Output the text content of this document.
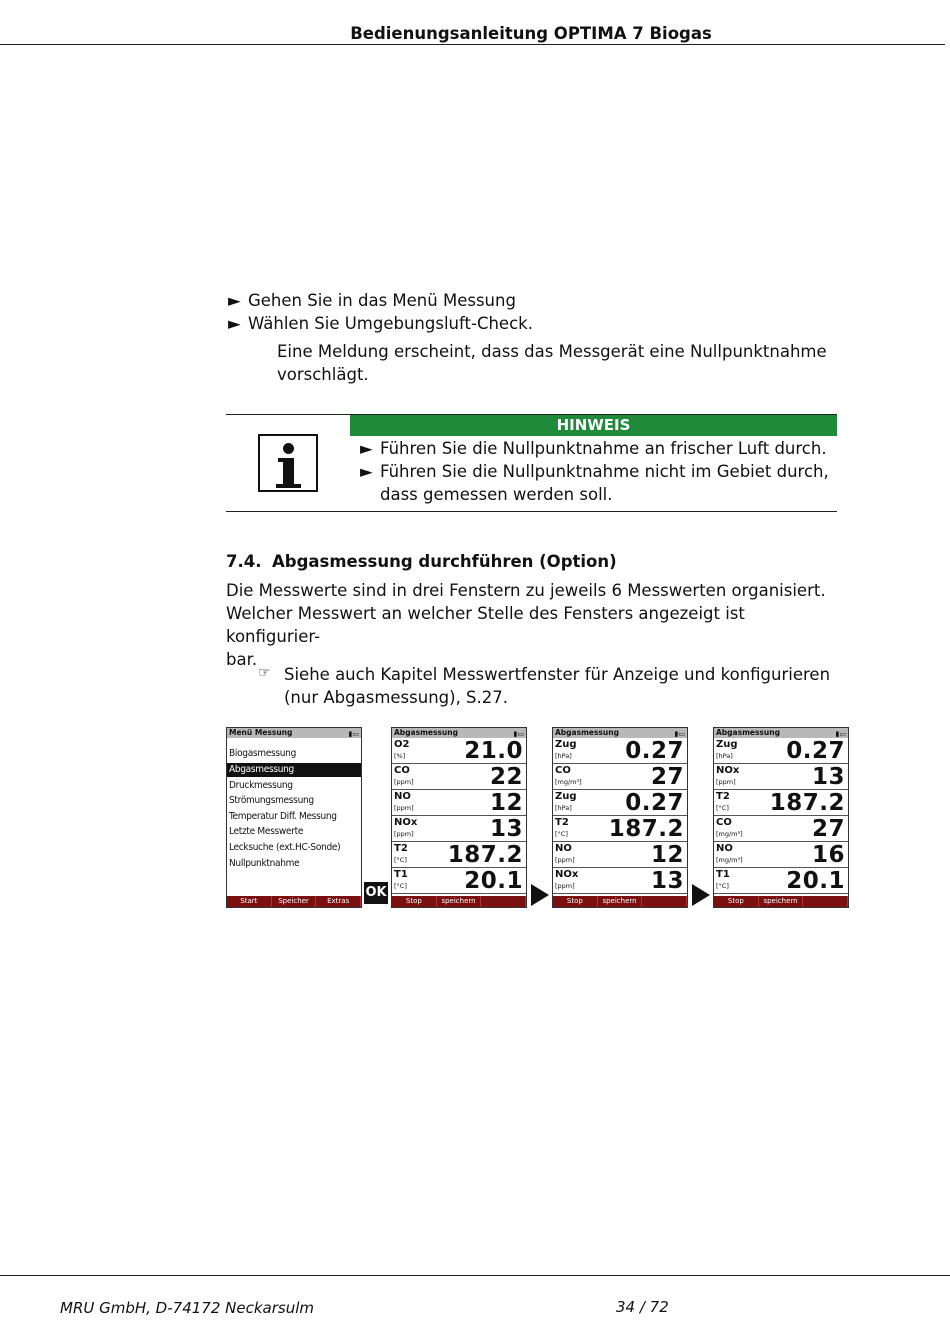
Bedienungsanleitung OPTIMA 7 Biogas
► Gehen Sie in das Menü Messung
► Wählen Sie Umgebungsluft-Check.
Eine Meldung erscheint, dass das Messgerät eine Nullpunktnahme
vorschlägt.
HINWEIS
► Führen Sie die Nullpunktnahme an frischer Luft durch.
► Führen Sie die Nullpunktnahme nicht im Gebiet durch,
dass gemessen werden soll.
7.4. Abgasmessung durchführen (Option)
Die Messwerte sind in drei Fenstern zu jeweils 6 Messwerten organisiert.
Welcher Messwert an welcher Stelle des Fensters angezeigt ist konfigurier-
bar.
☞ Siehe auch Kapitel Messwertfenster für Anzeige und konfigurieren
(nur Abgasmessung), S.27.
Menü Messung	▮▭
Biogasmessung
Abgasmessung
Druckmessung
Strömungsmessung
Temperatur Diff. Messung
Letzte Messwerte
Lecksuche (ext.HC-Sonde)
Nullpunktnahme
Start	Speicher	Extras
OK
Abgasmessung	▮▭
O2
[%]	21.0
CO
[ppm]	22
NO
[ppm]	12
NOx
[ppm]	13
T2
[°C] 187.2
T1
[°C] 20.1
Stop	speichern
Abgasmessung	▮▭
Zug
[hPa] 0.27
CO
[mg/m³]	27
Zug
[hPa] 0.27
T2
[°C] 187.2
NO
[ppm]	12
NOx
[ppm]	13
Stop	speichern
Abgasmessung	▮▭
Zug
[hPa] 0.27
NOx
[ppm]	13
T2
[°C] 187.2
CO
[mg/m³]	27
NO
[mg/m³]	16
T1
[°C] 20.1
Stop	speichern
MRU GmbH, D-74172 Neckarsulm	34 / 72
